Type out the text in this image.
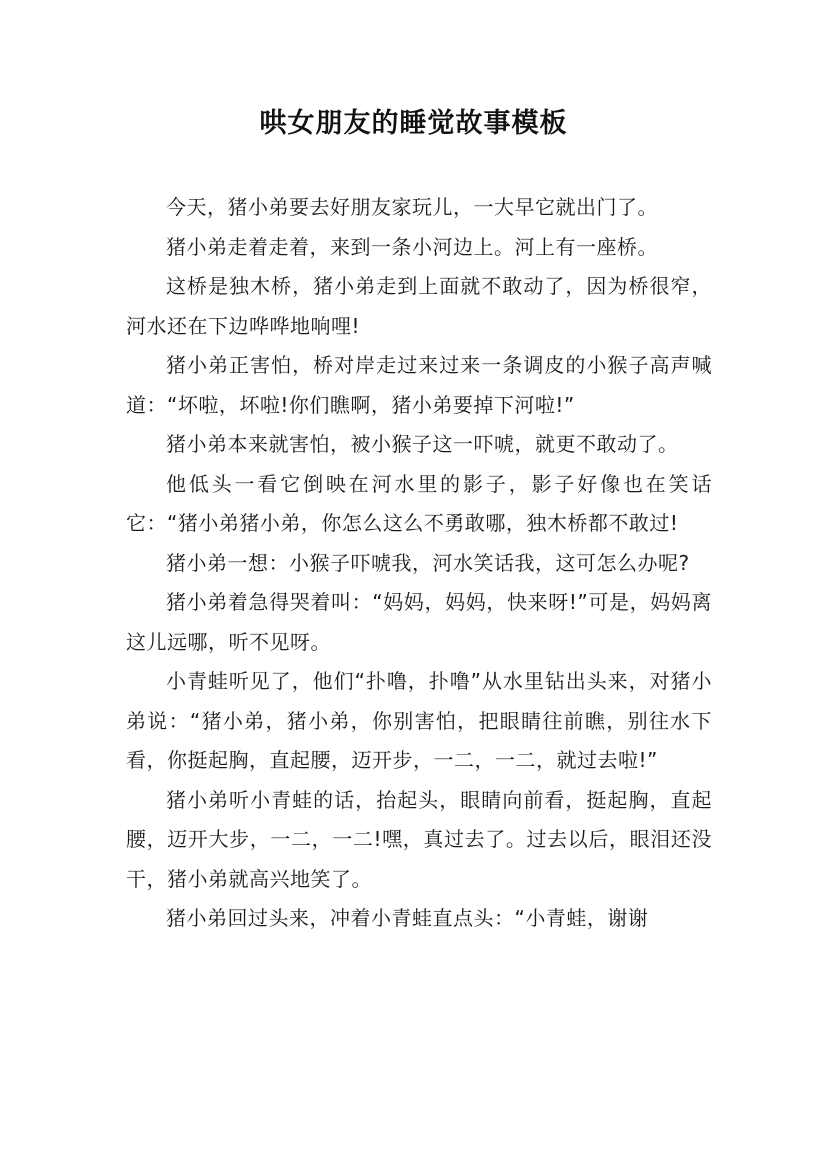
哄女朋友的睡觉故事模板

今天，猪小弟要去好朋友家玩儿，一大早它就出门了。

猪小弟走着走着，来到一条小河边上。河上有一座桥。

这桥是独木桥，猪小弟走到上面就不敢动了，因为桥很窄，河水还在下边哗哗地响哩!

猪小弟正害怕，桥对岸走过来过来一条调皮的小猴子高声喊道：“坏啦，坏啦!你们瞧啊，猪小弟要掉下河啦!”

猪小弟本来就害怕，被小猴子这一吓唬，就更不敢动了。

他低头一看它倒映在河水里的影子，影子好像也在笑话它：“猪小弟猪小弟，你怎么这么不勇敢哪，独木桥都不敢过!

猪小弟一想：小猴子吓唬我，河水笑话我，这可怎么办呢?

猪小弟着急得哭着叫：“妈妈，妈妈，快来呀!”可是，妈妈离这儿远哪，听不见呀。

小青蛙听见了，他们“扑噜，扑噜”从水里钻出头来，对猪小弟说：“猪小弟，猪小弟，你别害怕，把眼睛往前瞧，别往水下看，你挺起胸，直起腰，迈开步，一二，一二，就过去啦!”

猪小弟听小青蛙的话，抬起头，眼睛向前看，挺起胸，直起腰，迈开大步，一二，一二!嘿，真过去了。过去以后，眼泪还没干，猪小弟就高兴地笑了。

猪小弟回过头来，冲着小青蛙直点头：“小青蛙，谢谢
